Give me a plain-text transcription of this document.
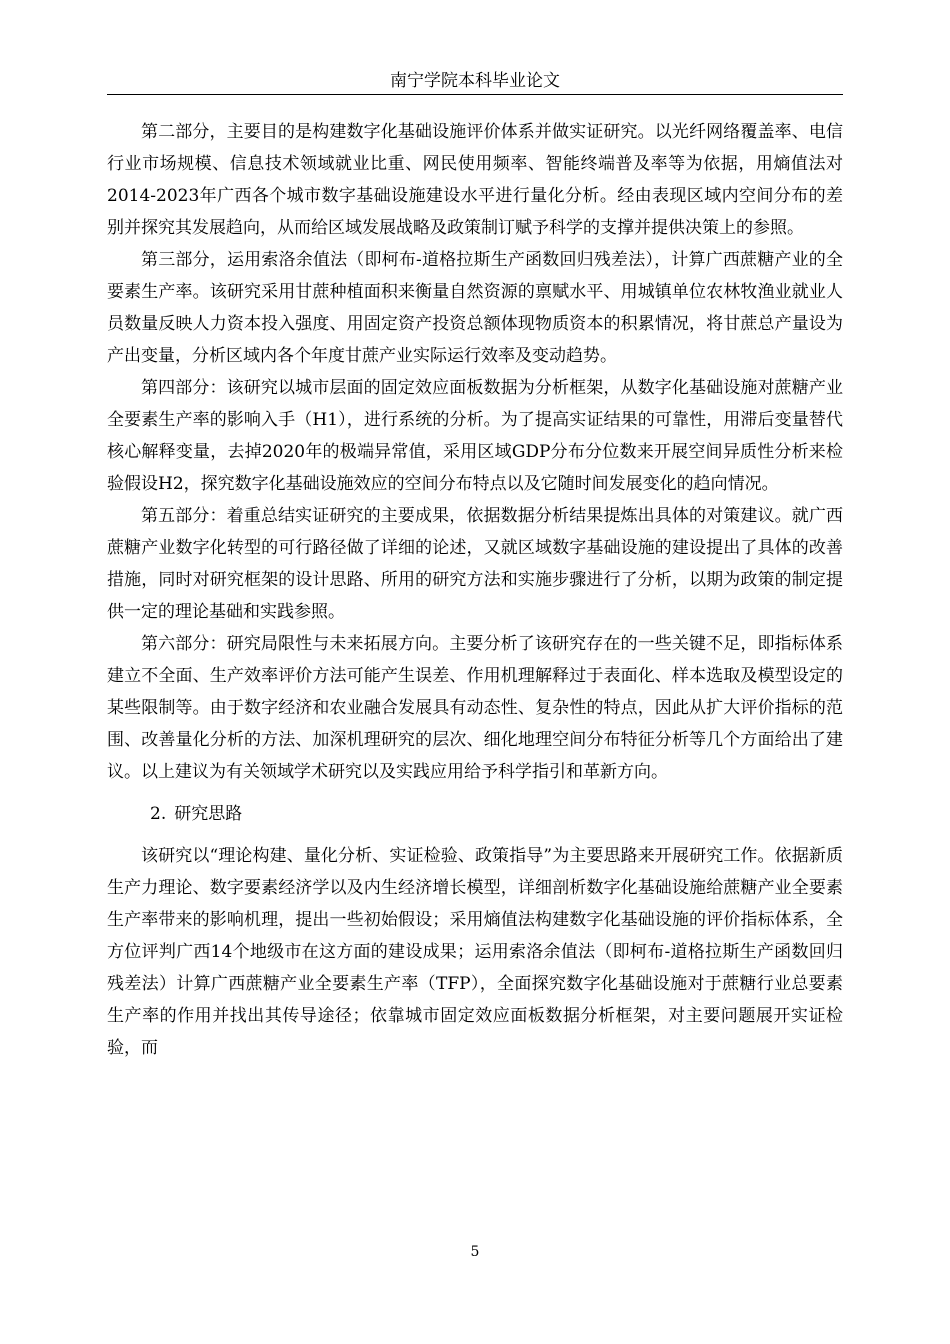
南宁学院本科毕业论文

第二部分，主要目的是构建数字化基础设施评价体系并做实证研究。以光纤网络覆盖率、电信行业市场规模、信息技术领域就业比重、网民使用频率、智能终端普及率等为依据，用熵值法对2014-2023年广西各个城市数字基础设施建设水平进行量化分析。经由表现区域内空间分布的差别并探究其发展趋向，从而给区域发展战略及政策制订赋予科学的支撑并提供决策上的参照。

第三部分，运用索洛余值法（即柯布-道格拉斯生产函数回归残差法），计算广西蔗糖产业的全要素生产率。该研究采用甘蔗种植面积来衡量自然资源的禀赋水平、用城镇单位农林牧渔业就业人员数量反映人力资本投入强度、用固定资产投资总额体现物质资本的积累情况，将甘蔗总产量设为产出变量，分析区域内各个年度甘蔗产业实际运行效率及变动趋势。

第四部分：该研究以城市层面的固定效应面板数据为分析框架，从数字化基础设施对蔗糖产业全要素生产率的影响入手（H1），进行系统的分析。为了提高实证结果的可靠性，用滞后变量替代核心解释变量，去掉2020年的极端异常值，采用区域GDP分布分位数来开展空间异质性分析来检验假设H2，探究数字化基础设施效应的空间分布特点以及它随时间发展变化的趋向情况。

第五部分：着重总结实证研究的主要成果，依据数据分析结果提炼出具体的对策建议。就广西蔗糖产业数字化转型的可行路径做了详细的论述，又就区域数字基础设施的建设提出了具体的改善措施，同时对研究框架的设计思路、所用的研究方法和实施步骤进行了分析，以期为政策的制定提供一定的理论基础和实践参照。

第六部分：研究局限性与未来拓展方向。主要分析了该研究存在的一些关键不足，即指标体系建立不全面、生产效率评价方法可能产生误差、作用机理解释过于表面化、样本选取及模型设定的某些限制等。由于数字经济和农业融合发展具有动态性、复杂性的特点，因此从扩大评价指标的范围、改善量化分析的方法、加深机理研究的层次、细化地理空间分布特征分析等几个方面给出了建议。以上建议为有关领域学术研究以及实践应用给予科学指引和革新方向。

2. 研究思路

该研究以“理论构建、量化分析、实证检验、政策指导”为主要思路来开展研究工作。依据新质生产力理论、数字要素经济学以及内生经济增长模型，详细剖析数字化基础设施给蔗糖产业全要素生产率带来的影响机理，提出一些初始假设；采用熵值法构建数字化基础设施的评价指标体系，全方位评判广西14个地级市在这方面的建设成果；运用索洛余值法（即柯布-道格拉斯生产函数回归残差法）计算广西蔗糖产业全要素生产率（TFP），全面探究数字化基础设施对于蔗糖行业总要素生产率的作用并找出其传导途径；依靠城市固定效应面板数据分析框架，对主要问题展开实证检验，而

5
